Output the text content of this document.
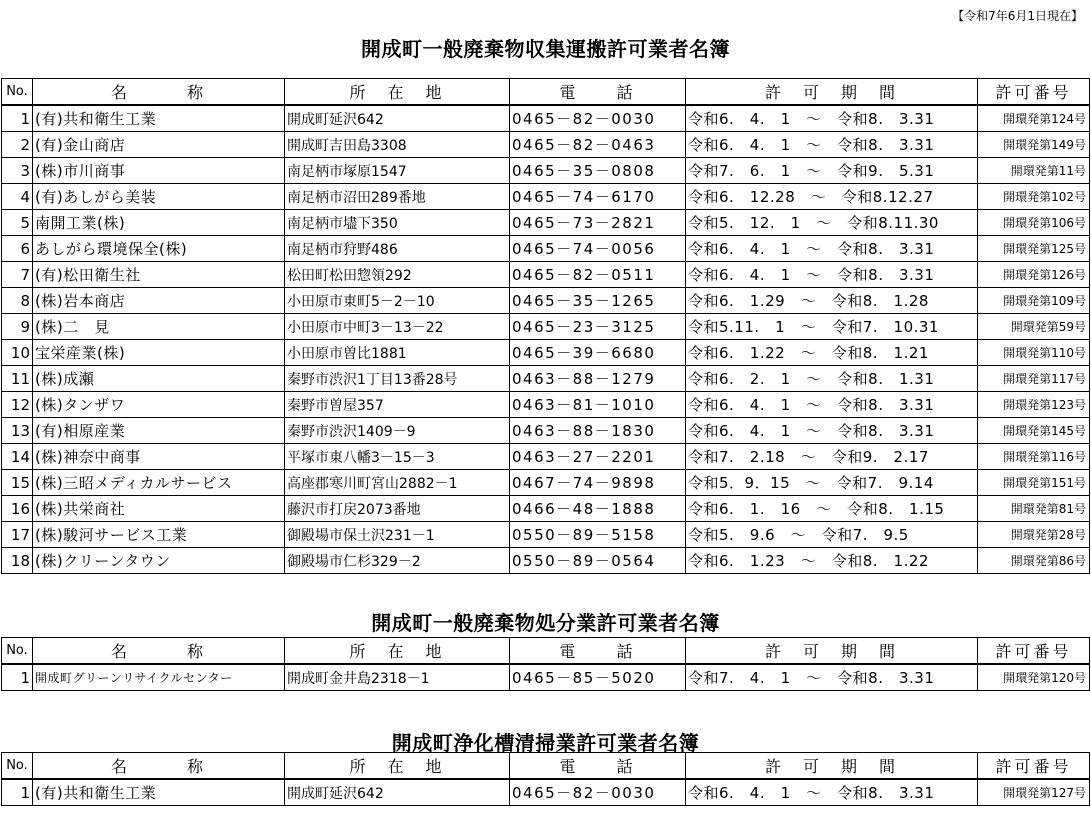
【令和7年6月1日現在】
開成町一般廃棄物収集運搬許可業者名簿
開成町一般廃棄物処分業許可業者名簿
開成町浄化槽清掃業許可業者名簿
No.	名　　　称	所　在　地	電　　話	許　可　期　間	許可番号
1	(有)共和衛生工業	開成町延沢642	0465－82－0030	令和6.　4.　1　～　令和8.　3.31	開環発第124号
2	(有)金山商店	開成町吉田島3308	0465－82－0463	令和6.　4.　1　～　令和8.　3.31	開環発第149号
3	(株)市川商事	南足柄市塚原1547	0465－35－0808	令和7.　6.　1　～　令和9.　5.31	開環発第11号
4	(有)あしがら美装	南足柄市沼田289番地	0465－74－6170	令和6.　12.28　～　令和8.12.27	開環発第102号
5	南開工業(株)	南足柄市壗下350	0465－73－2821	令和5.　12.　1　～　令和8.11.30	開環発第106号
6	あしがら環境保全(株)	南足柄市狩野486	0465－74－0056	令和6.　4.　1　～　令和8.　3.31	開環発第125号
7	(有)松田衛生社	松田町松田惣領292	0465－82－0511	令和6.　4.　1　～　令和8.　3.31	開環発第126号
8	(株)岩本商店	小田原市東町5－2－10	0465－35－1265	令和6.　1.29　～　令和8.　1.28	開環発第109号
9	(株)二　見	小田原市中町3－13－22	0465－23－3125	令和5.11.　1　～　令和7.　10.31	開環発第59号
10	宝栄産業(株)	小田原市曽比1881	0465－39－6680	令和6.　1.22　～　令和8.　1.21	開環発第110号
11	(株)成瀬	秦野市渋沢1丁目13番28号	0463－88－1279	令和6.　2.　1　～　令和8.　1.31	開環発第117号
12	(株)タンザワ	秦野市曽屋357	0463－81－1010	令和6.　4.　1　～　令和8.　3.31	開環発第123号
13	(有)相原産業	秦野市渋沢1409－9	0463－88－1830	令和6.　4.　1　～　令和8.　3.31	開環発第145号
14	(株)神奈中商事	平塚市東八幡3－15－3	0463－27－2201	令和7.　2.18　～　令和9.　2.17	開環発第116号
15	(株)三昭メディカルサービス	高座郡寒川町宮山2882－1	0467－74－9898	令和5．9．15　～　令和7.　9.14	開環発第151号
16	(株)共栄商社	藤沢市打戻2073番地	0466－48－1888	令和6.　1.　16　～　令和8.　1.15	開環発第81号
17	(株)駿河サービス工業	御殿場市保土沢231－1	0550－89－5158	令和5.　9.6　～　令和7.　9.5	開環発第28号
18	(株)クリーンタウン	御殿場市仁杉329－2	0550－89－0564	令和6.　1.23　～　令和8.　1.22	開環発第86号
No.	名　　　称	所　在　地	電　　話	許　可　期　間	許可番号
1	開成町グリーンリサイクルセンター	開成町金井島2318－1	0465－85－5020	令和7.　4.　1　～　令和8.　3.31	開環発第120号
No.	名　　　称	所　在　地	電　　話	許　可　期　間	許可番号
1	(有)共和衛生工業	開成町延沢642	0465－82－0030	令和6.　4.　1　～　令和8.　3.31	開環発第127号
